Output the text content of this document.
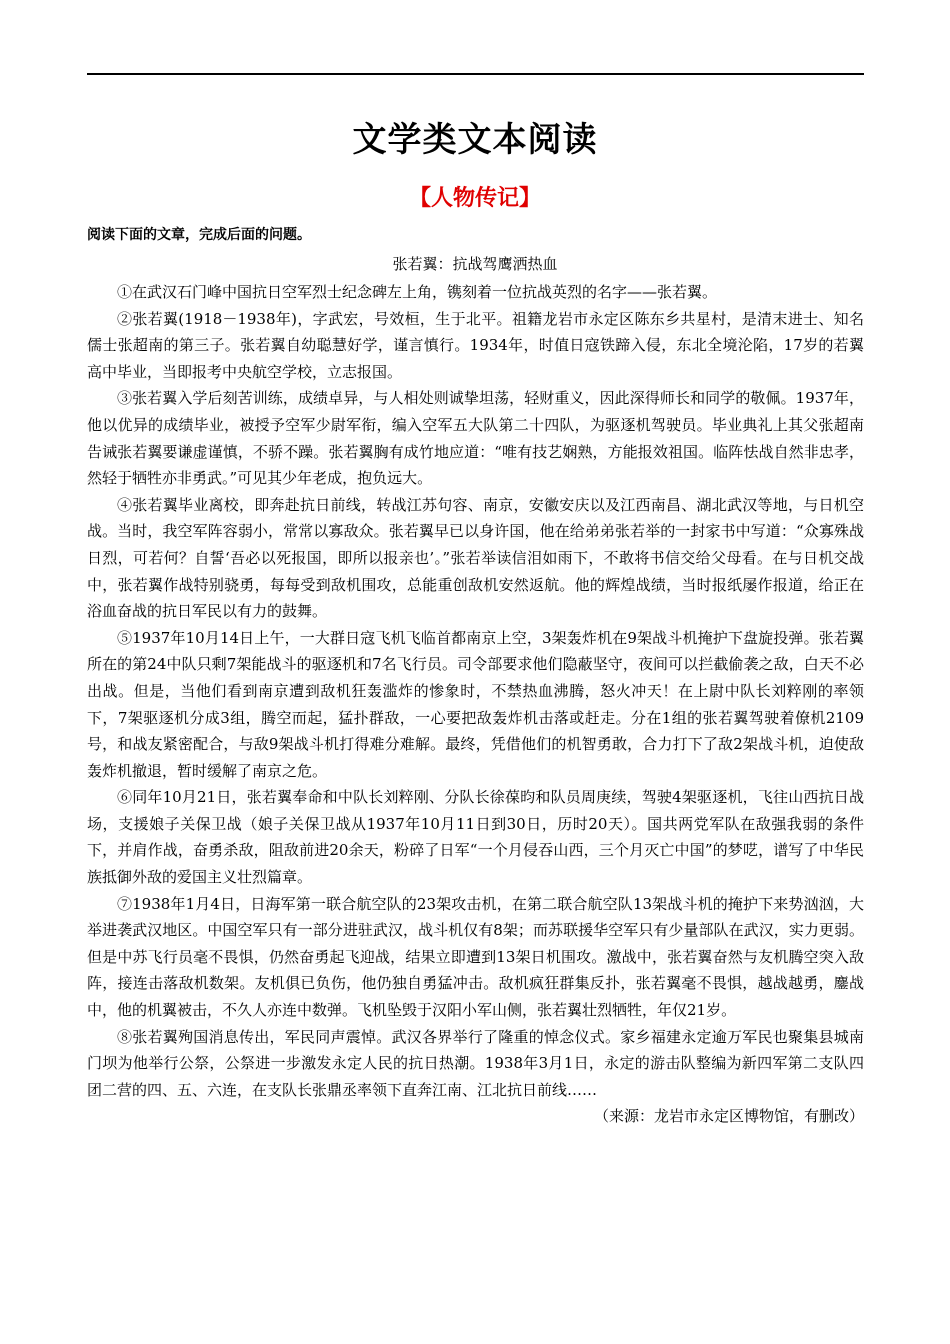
文学类文本阅读
【人物传记】
阅读下面的文章，完成后面的问题。
张若翼：抗战驾鹰洒热血

①在武汉石门峰中国抗日空军烈士纪念碑左上角，镌刻着一位抗战英烈的名字——张若翼。

②张若翼(1918－1938年)，字武宏，号效桓，生于北平。祖籍龙岩市永定区陈东乡共星村，是清末进士、知名儒士张超南的第三子。张若翼自幼聪慧好学，谨言慎行。1934年，时值日寇铁蹄入侵，东北全境沦陷，17岁的若翼高中毕业，当即报考中央航空学校，立志报国。

③张若翼入学后刻苦训练，成绩卓异，与人相处则诚挚坦荡，轻财重义，因此深得师长和同学的敬佩。1937年，他以优异的成绩毕业，被授予空军少尉军衔，编入空军五大队第二十四队，为驱逐机驾驶员。毕业典礼上其父张超南告诫张若翼要谦虚谨慎，不骄不躁。张若翼胸有成竹地应道：“唯有技艺娴熟，方能报效祖国。临阵怯战自然非忠孝，然轻于牺牲亦非勇武。”可见其少年老成，抱负远大。

④张若翼毕业离校，即奔赴抗日前线，转战江苏句容、南京，安徽安庆以及江西南昌、湖北武汉等地，与日机空战。当时，我空军阵容弱小，常常以寡敌众。张若翼早已以身许国，他在给弟弟张若举的一封家书中写道：“众寡殊战日烈，可若何？自誓‘吾必以死报国，即所以报亲也’。”张若举读信泪如雨下，不敢将书信交给父母看。在与日机交战中，张若翼作战特别骁勇，每每受到敌机围攻，总能重创敌机安然返航。他的辉煌战绩，当时报纸屡作报道，给正在浴血奋战的抗日军民以有力的鼓舞。

⑤1937年10月14日上午，一大群日寇飞机飞临首都南京上空，3架轰炸机在9架战斗机掩护下盘旋投弹。张若翼所在的第24中队只剩7架能战斗的驱逐机和7名飞行员。司令部要求他们隐蔽坚守，夜间可以拦截偷袭之敌，白天不必出战。但是，当他们看到南京遭到敌机狂轰滥炸的惨象时，不禁热血沸腾，怒火冲天！在上尉中队长刘粹刚的率领下，7架驱逐机分成3组，腾空而起，猛扑群敌，一心要把敌轰炸机击落或赶走。分在1组的张若翼驾驶着僚机2109号，和战友紧密配合，与敌9架战斗机打得难分难解。最终，凭借他们的机智勇敢，合力打下了敌2架战斗机，迫使敌轰炸机撤退，暂时缓解了南京之危。

⑥同年10月21日，张若翼奉命和中队长刘粹刚、分队长徐葆昀和队员周庚续，驾驶4架驱逐机，飞往山西抗日战场，支援娘子关保卫战（娘子关保卫战从1937年10月11日到30日，历时20天）。国共两党军队在敌强我弱的条件下，并肩作战，奋勇杀敌，阻敌前进20余天，粉碎了日军“一个月侵吞山西，三个月灭亡中国”的梦呓，谱写了中华民族抵御外敌的爱国主义壮烈篇章。

⑦1938年1月4日，日海军第一联合航空队的23架攻击机，在第二联合航空队13架战斗机的掩护下来势汹汹，大举进袭武汉地区。中国空军只有一部分进驻武汉，战斗机仅有8架；而苏联援华空军只有少量部队在武汉，实力更弱。但是中苏飞行员毫不畏惧，仍然奋勇起飞迎战，结果立即遭到13架日机围攻。激战中，张若翼奋然与友机腾空突入敌阵，接连击落敌机数架。友机俱已负伤，他仍独自勇猛冲击。敌机疯狂群集反扑，张若翼毫不畏惧，越战越勇，鏖战中，他的机翼被击，不久人亦连中数弹。飞机坠毁于汉阳小军山侧，张若翼壮烈牺牲，年仅21岁。

⑧张若翼殉国消息传出，军民同声震悼。武汉各界举行了隆重的悼念仪式。家乡福建永定逾万军民也聚集县城南门坝为他举行公祭，公祭进一步激发永定人民的抗日热潮。1938年3月1日，永定的游击队整编为新四军第二支队四团二营的四、五、六连，在支队长张鼎丞率领下直奔江南、江北抗日前线……

（来源：龙岩市永定区博物馆，有删改）
